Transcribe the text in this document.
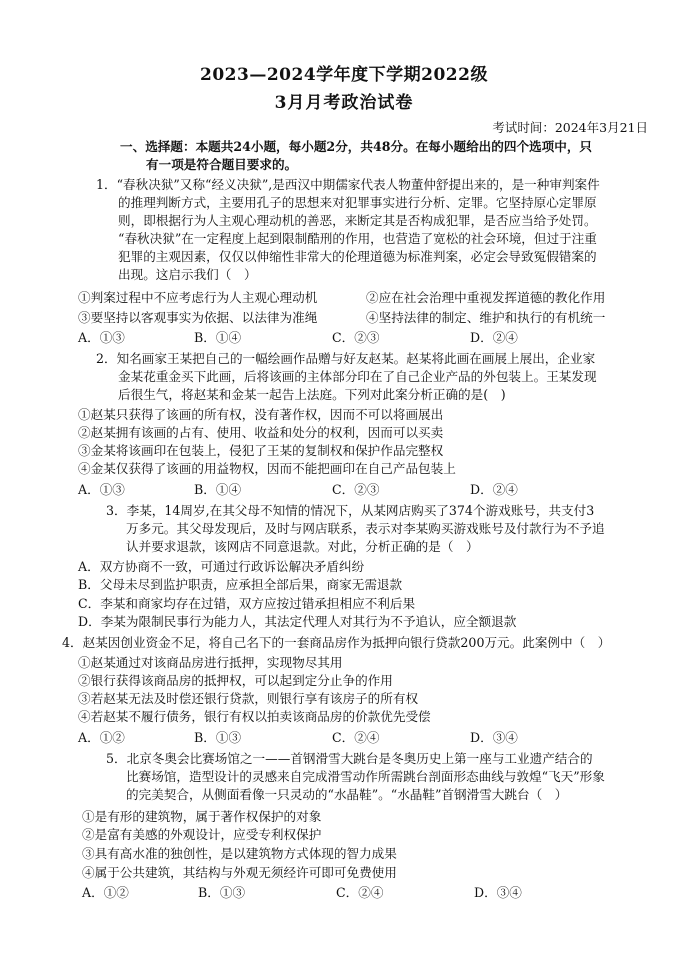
2023—2024学年度下学期2022级
3月月考政治试卷
考试时间：2024年3月21日
一、选择题：本题共24小题，每小题2分，共48分。在每小题给出的四个选项中，只
有一项是符合题目要求的。
1．“春秋决狱”又称“经义决狱”,是西汉中期儒家代表人物董仲舒提出来的，是一种审判案件
的推理判断方式，主要用孔子的思想来对犯罪事实进行分析、定罪。它坚持原心定罪原
则，即根据行为人主观心理动机的善恶，来断定其是否构成犯罪，是否应当给予处罚。
“春秋决狱”在一定程度上起到限制酷刑的作用，也营造了宽松的社会环境，但过于注重
犯罪的主观因素，仅仅以伸缩性非常大的伦理道德为标准判案，必定会导致冤假错案的
出现。这启示我们（　）
①判案过程中不应考虑行为人主观心理动机	②应在社会治理中重视发挥道德的教化作用
③要坚持以客观事实为依据、以法律为准绳	④坚持法律的制定、维护和执行的有机统一
A．①③	B．①④	C．②③	D．②④
2．知名画家王某把自己的一幅绘画作品赠与好友赵某。赵某将此画在画展上展出，企业家
金某花重金买下此画，后将该画的主体部分印在了自己企业产品的外包装上。王某发现
后很生气，将赵某和金某一起告上法庭。下列对此案分析正确的是(　)
①赵某只获得了该画的所有权，没有著作权，因而不可以将画展出
②赵某拥有该画的占有、使用、收益和处分的权利，因而可以买卖
③金某将该画印在包装上，侵犯了王某的复制权和保护作品完整权
④金某仅获得了该画的用益物权，因而不能把画印在自己产品包装上
A．①③	B．①④	C．②③	D．②④
3．李某，14周岁,在其父母不知情的情况下，从某网店购买了374个游戏账号，共支付3
万多元。其父母发现后，及时与网店联系，表示对李某购买游戏账号及付款行为不予追
认并要求退款，该网店不同意退款。对此，分析正确的是（　）
A．双方协商不一致，可通过行政诉讼解决矛盾纠纷
B．父母未尽到监护职责，应承担全部后果，商家无需退款
C．李某和商家均存在过错，双方应按过错承担相应不利后果
D．李某为限制民事行为能力人，其法定代理人对其行为不予追认，应全额退款
4．赵某因创业资金不足，将自己名下的一套商品房作为抵押向银行贷款200万元。此案例中（　）
①赵某通过对该商品房进行抵押，实现物尽其用
②银行获得该商品房的抵押权，可以起到定分止争的作用
③若赵某无法及时偿还银行贷款，则银行享有该房子的所有权
④若赵某不履行债务，银行有权以拍卖该商品房的价款优先受偿
A．①②	B．①③	C．②④	D．③④
5．北京冬奥会比赛场馆之一——首钢滑雪大跳台是冬奥历史上第一座与工业遗产结合的
比赛场馆，造型设计的灵感来自完成滑雪动作所需跳台剖面形态曲线与敦煌“飞天”形象
的完美契合，从侧面看像一只灵动的“水晶鞋”。“水晶鞋”首钢滑雪大跳台（　）
①是有形的建筑物，属于著作权保护的对象
②是富有美感的外观设计，应受专利权保护
③具有高水准的独创性，是以建筑物方式体现的智力成果
④属于公共建筑，其结构与外观无须经许可即可免费使用
A．①②	B．①③	C．②④	D．③④
